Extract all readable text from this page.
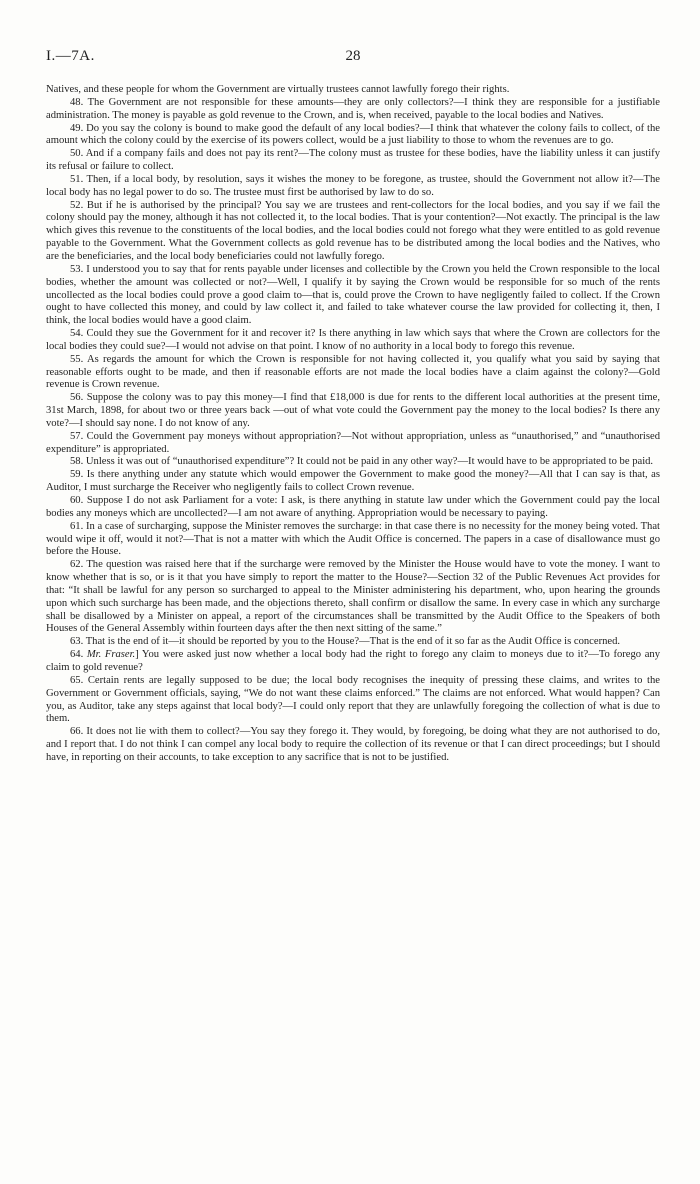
I.—7A.	28

Natives, and these people for whom the Government are virtually trustees cannot lawfully forego their rights.

48. The Government are not responsible for these amounts—they are only collectors?—I think they are responsible for a justifiable administration. The money is payable as gold revenue to the Crown, and is, when received, payable to the local bodies and Natives.

49. Do you say the colony is bound to make good the default of any local bodies?—I think that whatever the colony fails to collect, of the amount which the colony could by the exercise of its powers collect, would be a just liability to those to whom the revenues are to go.

50. And if a company fails and does not pay its rent?—The colony must as trustee for these bodies, have the liability unless it can justify its refusal or failure to collect.

51. Then, if a local body, by resolution, says it wishes the money to be foregone, as trustee, should the Government not allow it?—The local body has no legal power to do so. The trustee must first be authorised by law to do so.

52. But if he is authorised by the principal? You say we are trustees and rent-collectors for the local bodies, and you say if we fail the colony should pay the money, although it has not collected it, to the local bodies. That is your contention?—Not exactly. The principal is the law which gives this revenue to the constituents of the local bodies, and the local bodies could not forego what they were entitled to as gold revenue payable to the Government. What the Government collects as gold revenue has to be distributed among the local bodies and the Natives, who are the beneficiaries, and the local body beneficiaries could not lawfully forego.

53. I understood you to say that for rents payable under licenses and collectible by the Crown you held the Crown responsible to the local bodies, whether the amount was collected or not?—Well, I qualify it by saying the Crown would be responsible for so much of the rents uncollected as the local bodies could prove a good claim to—that is, could prove the Crown to have negligently failed to collect. If the Crown ought to have collected this money, and could by law collect it, and failed to take whatever course the law provided for collecting it, then, I think, the local bodies would have a good claim.

54. Could they sue the Government for it and recover it? Is there anything in law which says that where the Crown are collectors for the local bodies they could sue?—I would not advise on that point. I know of no authority in a local body to forego this revenue.

55. As regards the amount for which the Crown is responsible for not having collected it, you qualify what you said by saying that reasonable efforts ought to be made, and then if reasonable efforts are not made the local bodies have a claim against the colony?—Gold revenue is Crown revenue.

56. Suppose the colony was to pay this money—I find that £18,000 is due for rents to the different local authorities at the present time, 31st March, 1898, for about two or three years back —out of what vote could the Government pay the money to the local bodies? Is there any vote?—I should say none. I do not know of any.

57. Could the Government pay moneys without appropriation?—Not without appropriation, unless as “unauthorised,” and “unauthorised expenditure” is appropriated.

58. Unless it was out of “unauthorised expenditure”? It could not be paid in any other way?—It would have to be appropriated to be paid.

59. Is there anything under any statute which would empower the Government to make good the money?—All that I can say is that, as Auditor, I must surcharge the Receiver who negligently fails to collect Crown revenue.

60. Suppose I do not ask Parliament for a vote: I ask, is there anything in statute law under which the Government could pay the local bodies any moneys which are uncollected?—I am not aware of anything. Appropriation would be necessary to paying.

61. In a case of surcharging, suppose the Minister removes the surcharge: in that case there is no necessity for the money being voted. That would wipe it off, would it not?—That is not a matter with which the Audit Office is concerned. The papers in a case of disallowance must go before the House.

62. The question was raised here that if the surcharge were removed by the Minister the House would have to vote the money. I want to know whether that is so, or is it that you have simply to report the matter to the House?—Section 32 of the Public Revenues Act provides for that: “It shall be lawful for any person so surcharged to appeal to the Minister administering his department, who, upon hearing the grounds upon which such surcharge has been made, and the objections thereto, shall confirm or disallow the same. In every case in which any surcharge shall be disallowed by a Minister on appeal, a report of the circumstances shall be transmitted by the Audit Office to the Speakers of both Houses of the General Assembly within fourteen days after the then next sitting of the same.”

63. That is the end of it—it should be reported by you to the House?—That is the end of it so far as the Audit Office is concerned.

64. Mr. Fraser.] You were asked just now whether a local body had the right to forego any claim to moneys due to it?—To forego any claim to gold revenue?

65. Certain rents are legally supposed to be due; the local body recognises the inequity of pressing these claims, and writes to the Government or Government officials, saying, “We do not want these claims enforced.” The claims are not enforced. What would happen? Can you, as Auditor, take any steps against that local body?—I could only report that they are unlawfully foregoing the collection of what is due to them.

66. It does not lie with them to collect?—You say they forego it. They would, by foregoing, be doing what they are not authorised to do, and I report that. I do not think I can compel any local body to require the collection of its revenue or that I can direct proceedings; but I should have, in reporting on their accounts, to take exception to any sacrifice that is not to be justified.
